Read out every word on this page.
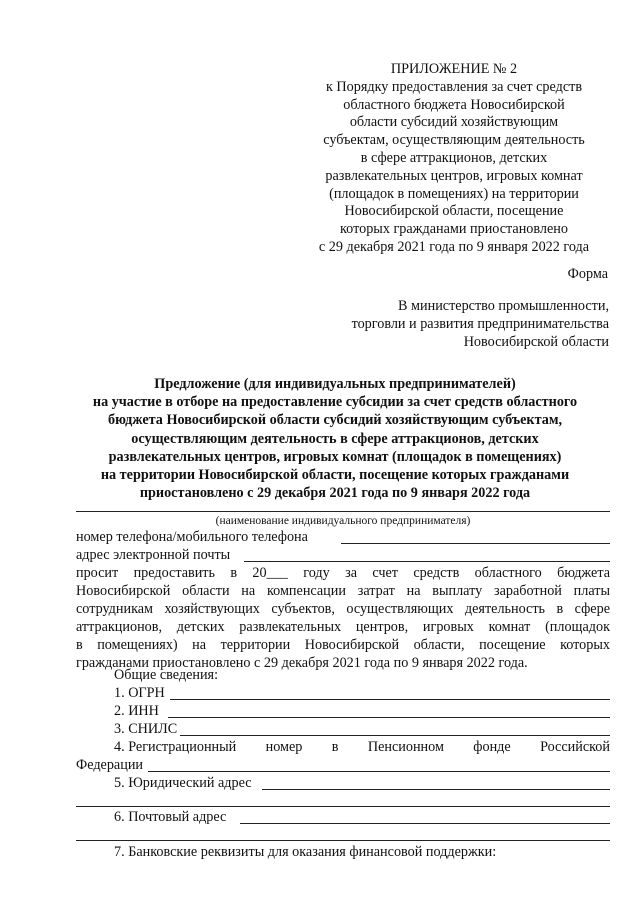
ПРИЛОЖЕНИЕ № 2
к Порядку предоставления за счет средств
областного бюджета Новосибирской
области субсидий хозяйствующим
субъектам, осуществляющим деятельность
в сфере аттракционов, детских
развлекательных центров, игровых комнат
(площадок в помещениях) на территории
Новосибирской области, посещение
которых гражданами приостановлено
с 29 декабря 2021 года по 9 января 2022 года
Форма
В министерство промышленности,
торговли и развития предпринимательства
Новосибирской области
Предложение (для индивидуальных предпринимателей)
на участие в отборе на предоставление субсидии за счет средств областного
бюджета Новосибирской области субсидий хозяйствующим субъектам,
осуществляющим деятельность в сфере аттракционов, детских
развлекательных центров, игровых комнат (площадок в помещениях)
на территории Новосибирской области, посещение которых гражданами
приостановлено с 29 декабря 2021 года по 9 января 2022 года
(наименование индивидуального предпринимателя)
номер телефона/мобильного телефона
адрес электронной почты
просит предоставить в 20___ году за счет средств областного бюджета
Новосибирской области на компенсации затрат на выплату заработной платы
сотрудникам хозяйствующих субъектов, осуществляющих деятельность в сфере
аттракционов, детских развлекательных центров, игровых комнат (площадок
в помещениях) на территории Новосибирской области, посещение которых
гражданами приостановлено с 29 декабря 2021 года по 9 января 2022 года.
Общие сведения:
1. ОГРН
2. ИНН
3. СНИЛС
4. Регистрационный номер в Пенсионном фонде Российской
Федерации
5. Юридический адрес
6. Почтовый адрес
7. Банковские реквизиты для оказания финансовой поддержки:
